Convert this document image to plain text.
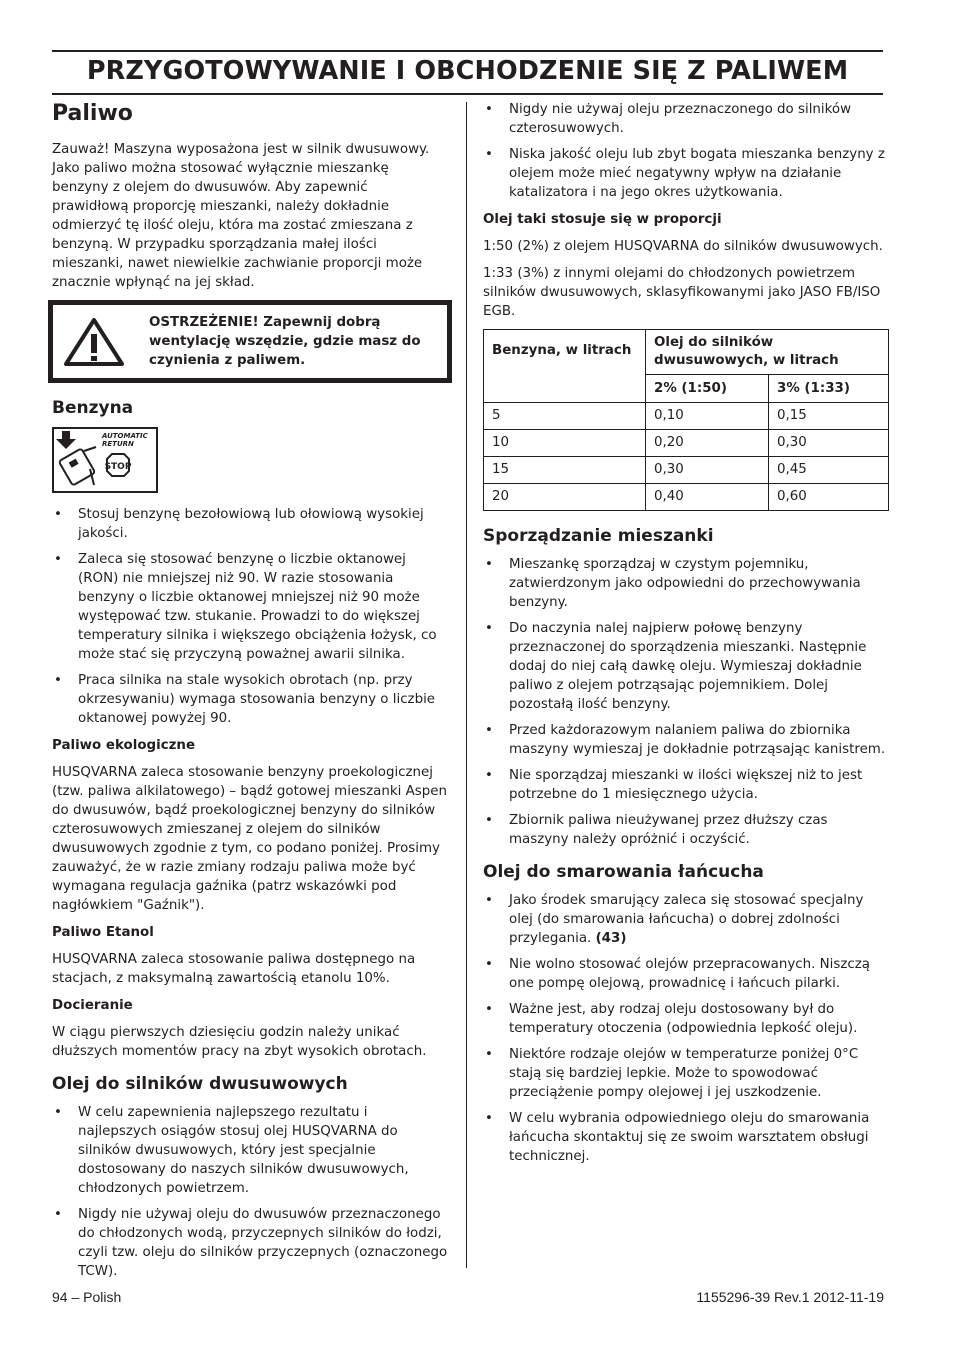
PRZYGOTOWYWANIE I OBCHODZENIE SIĘ Z PALIWEM
Paliwo

Zauważ! Maszyna wyposażona jest w silnik dwusuwowy. Jako paliwo można stosować wyłącznie mieszankę benzyny z olejem do dwusuwów. Aby zapewnić prawidłową proporcję mieszanki, należy dokładnie odmierzyć tę ilość oleju, która ma zostać zmieszana z benzyną. W przypadku sporządzania małej ilości mieszanki, nawet niewielkie zachwianie proporcji może znacznie wpłynąć na jej skład.

OSTRZEŻENIE! Zapewnij dobrą wentylację wszędzie, gdzie masz do czynienia z paliwem.
Benzyna
STOP
AUTOMATIC
RETURN
• Stosuj benzynę bezołowiową lub ołowiową wysokiej jakości.
• Zaleca się stosować benzynę o liczbie oktanowej (RON) nie mniejszej niż 90. W razie stosowania benzyny o liczbie oktanowej mniejszej niż 90 może występować tzw. stukanie. Prowadzi to do większej temperatury silnika i większego obciążenia łożysk, co może stać się przyczyną poważnej awarii silnika.
• Praca silnika na stale wysokich obrotach (np. przy okrzesywaniu) wymaga stosowania benzyny o liczbie oktanowej powyżej 90.
Paliwo ekologiczne

HUSQVARNA zaleca stosowanie benzyny proekologicznej (tzw. paliwa alkilatowego) – bądź gotowej mieszanki Aspen do dwusuwów, bądź proekologicznej benzyny do silników czterosuwowych zmieszanej z olejem do silników dwusuwowych zgodnie z tym, co podano poniżej. Prosimy zauważyć, że w razie zmiany rodzaju paliwa może być wymagana regulacja gaźnika (patrz wskazówki pod nagłówkiem "Gaźnik").

Paliwo Etanol

HUSQVARNA zaleca stosowanie paliwa dostępnego na stacjach, z maksymalną zawartością etanolu 10%.

Docieranie

W ciągu pierwszych dziesięciu godzin należy unikać dłuższych momentów pracy na zbyt wysokich obrotach.

Olej do silników dwusuwowych
• W celu zapewnienia najlepszego rezultatu i najlepszych osiągów stosuj olej HUSQVARNA do silników dwusuwowych, który jest specjalnie dostosowany do naszych silników dwusuwowych, chłodzonych powietrzem.
• Nigdy nie używaj oleju do dwusuwów przeznaczonego do chłodzonych wodą, przyczepnych silników do łodzi, czyli tzw. oleju do silników przyczepnych (oznaczonego TCW).
• Nigdy nie używaj oleju przeznaczonego do silników czterosuwowych.
• Niska jakość oleju lub zbyt bogata mieszanka benzyny z olejem może mieć negatywny wpływ na działanie katalizatora i na jego okres użytkowania.
Olej taki stosuje się w proporcji

1:50 (2%) z olejem HUSQVARNA do silników dwusuwowych.

1:33 (3%) z innymi olejami do chłodzonych powietrzem silników dwusuwowych, sklasyfikowanymi jako JASO FB/ISO EGB.

Benzyna, w litrach	Olej do silników dwusuwowych, w litrach	
	2% (1:50)	3% (1:33)
5	0,10	0,15
10	0,20	0,30
15	0,30	0,45
20	0,40	0,60
Sporządzanie mieszanki
• Mieszankę sporządzaj w czystym pojemniku, zatwierdzonym jako odpowiedni do przechowywania benzyny.
• Do naczynia nalej najpierw połowę benzyny przeznaczonej do sporządzenia mieszanki. Następnie dodaj do niej całą dawkę oleju. Wymieszaj dokładnie paliwo z olejem potrząsając pojemnikiem. Dolej pozostałą ilość benzyny.
• Przed każdorazowym nalaniem paliwa do zbiornika maszyny wymieszaj je dokładnie potrząsając kanistrem.
• Nie sporządzaj mieszanki w ilości większej niż to jest potrzebne do 1 miesięcznego użycia.
• Zbiornik paliwa nieużywanej przez dłuższy czas maszyny należy opróżnić i oczyścić.
Olej do smarowania łańcucha
• Jako środek smarujący zaleca się stosować specjalny olej (do smarowania łańcucha) o dobrej zdolności przylegania. (43)
• Nie wolno stosować olejów przepracowanych. Niszczą one pompę olejową, prowadnicę i łańcuch pilarki.
• Ważne jest, aby rodzaj oleju dostosowany był do temperatury otoczenia (odpowiednia lepkość oleju).
• Niektóre rodzaje olejów w temperaturze poniżej 0°C stają się bardziej lepkie. Może to spowodować przeciążenie pompy olejowej i jej uszkodzenie.
• W celu wybrania odpowiedniego oleju do smarowania łańcucha skontaktuj się ze swoim warsztatem obsługi technicznej.
94 – Polish	1155296-39 Rev.1 2012-11-19
